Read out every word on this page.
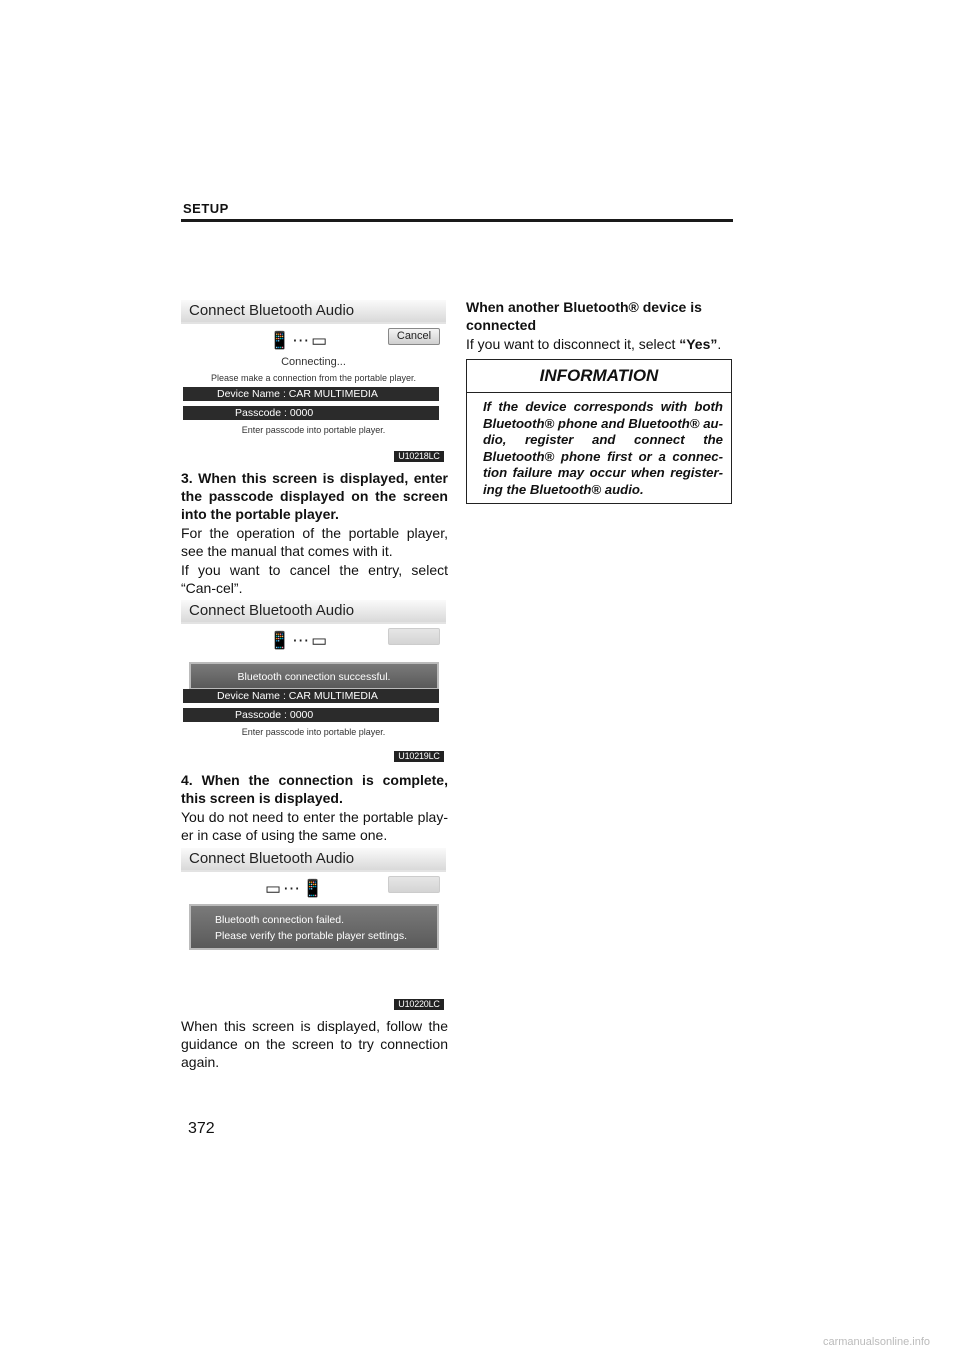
SETUP
Connect Bluetooth Audio
Cancel
📱⋯▭
Connecting...
Please make a connection from the portable player.
Device Name : CAR MULTIMEDIA
Passcode : 0000
Enter passcode into portable player.
U10218LC
3. When this screen is displayed, enter the passcode displayed on the screen into the portable player.
For the operation of the portable player, see the manual that comes with it.
If you want to cancel the entry, select “Can-cel”.
Connect Bluetooth Audio
📱⋯▭
Bluetooth connection successful.
Device Name : CAR MULTIMEDIA
Passcode : 0000
Enter passcode into portable player.
U10219LC
4. When the connection is complete, this screen is displayed.
You do not need to enter the portable play-er in case of using the same one.
Connect Bluetooth Audio
▭⋯📱
Bluetooth connection failed.
Please verify the portable player settings.
U10220LC
When this screen is displayed, follow the guidance on the screen to try connection again.
When another Bluetooth® device is connected
If you want to disconnect it, select “Yes”.
INFORMATION
If the device corresponds with both Bluetooth® phone and Bluetooth® au-dio, register and connect the Bluetooth® phone first or a connec-tion failure may occur when register-ing the Bluetooth® audio.
372
carmanualsonline.info
